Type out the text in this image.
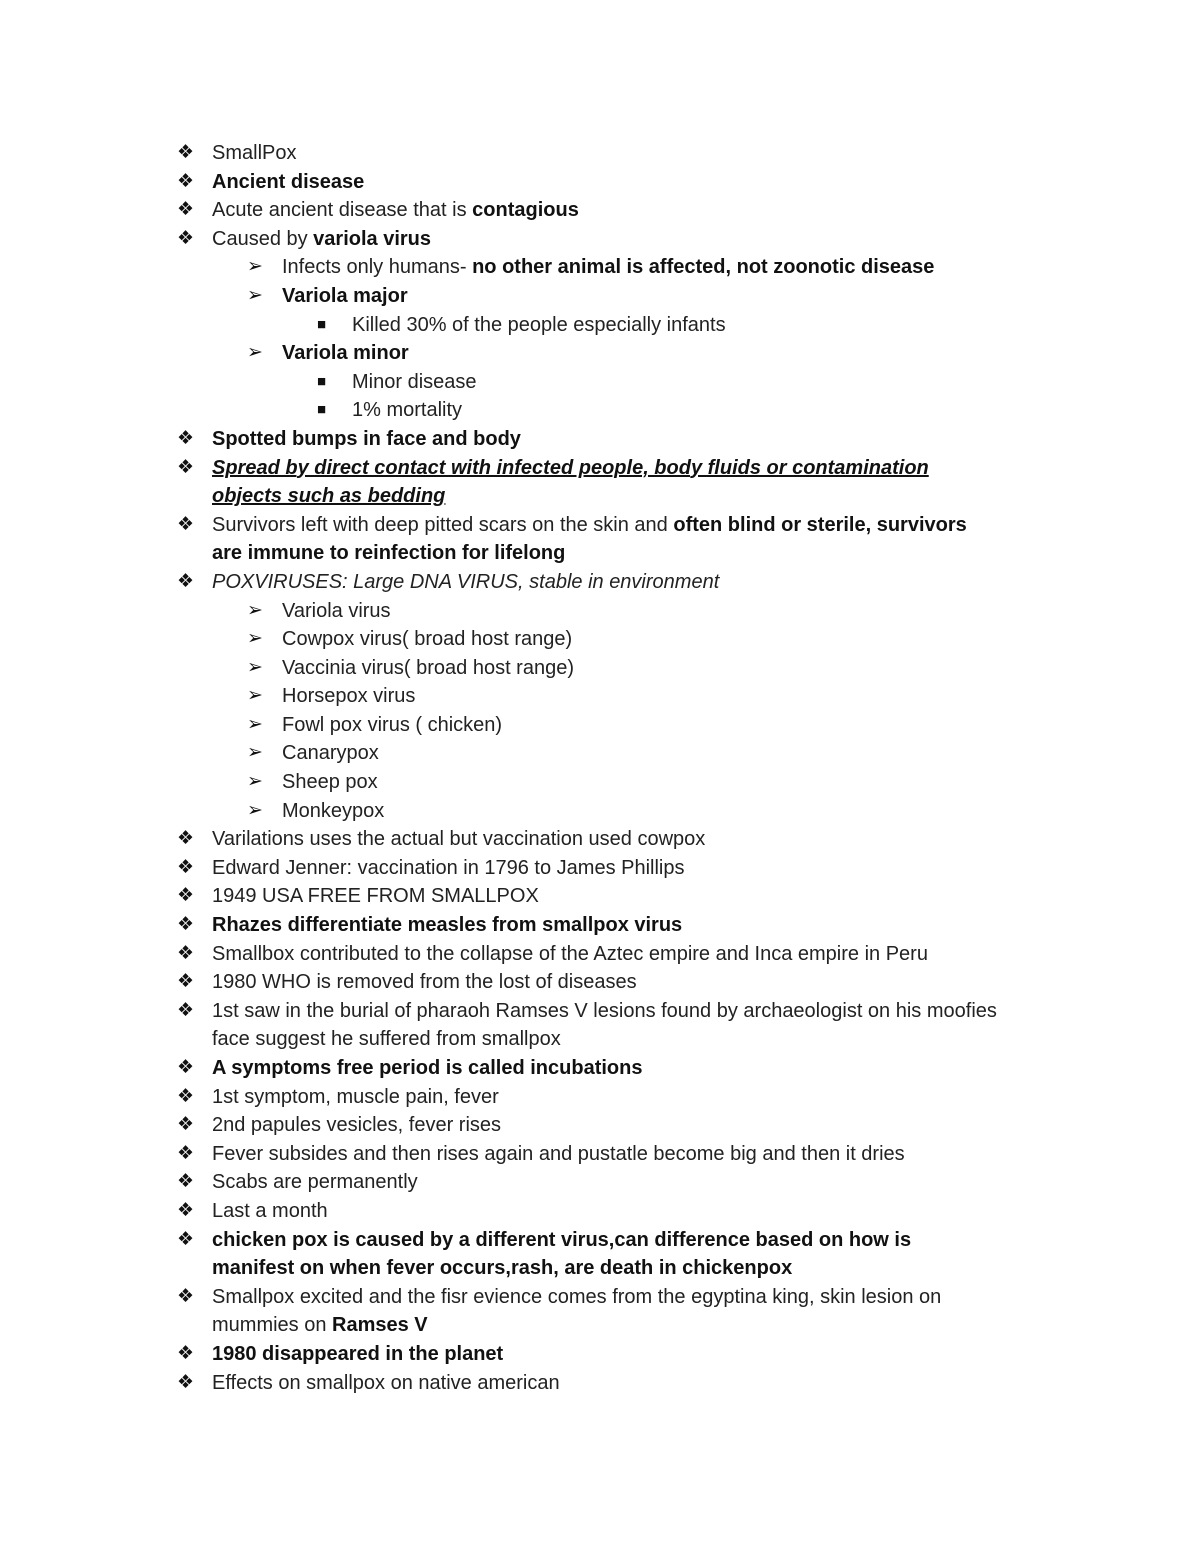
❖ SmallPox
❖ Ancient disease
❖ Acute ancient disease that is contagious
❖ Caused by variola virus
➢ Infects only humans- no other animal is affected, not zoonotic disease
➢ Variola major
■ Killed 30% of the people especially infants
➢ Variola minor
■ Minor disease
■ 1% mortality
❖ Spotted bumps in face and body
❖ Spread by direct contact with infected people, body fluids or contamination
objects such as bedding
❖ Survivors left with deep pitted scars on the skin and often blind or sterile, survivors
are immune to reinfection for lifelong
❖ POXVIRUSES: Large DNA VIRUS, stable in environment
➢ Variola virus
➢ Cowpox virus( broad host range)
➢ Vaccinia virus( broad host range)
➢ Horsepox virus
➢ Fowl pox virus ( chicken)
➢ Canarypox
➢ Sheep pox
➢ Monkeypox
❖ Varilations uses the actual but vaccination used cowpox
❖ Edward Jenner: vaccination in 1796 to James Phillips
❖ 1949 USA FREE FROM SMALLPOX
❖ Rhazes differentiate measles from smallpox virus
❖ Smallbox contributed to the collapse of the Aztec empire and Inca empire in Peru
❖ 1980 WHO is removed from the lost of diseases
❖ 1st saw in the burial of pharaoh Ramses V lesions found by archaeologist on his moofies
face suggest he suffered from smallpox
❖ A symptoms free period is called incubations
❖ 1st symptom, muscle pain, fever
❖ 2nd papules vesicles, fever rises
❖ Fever subsides and then rises again and pustatle become big and then it dries
❖ Scabs are permanently
❖ Last a month
❖ chicken pox is caused by a different virus,can difference based on how is
manifest on when fever occurs,rash, are death in chickenpox
❖ Smallpox excited and the fisr evience comes from the egyptina king, skin lesion on
mummies on Ramses V
❖ 1980 disappeared in the planet
❖ Effects on smallpox on native american
